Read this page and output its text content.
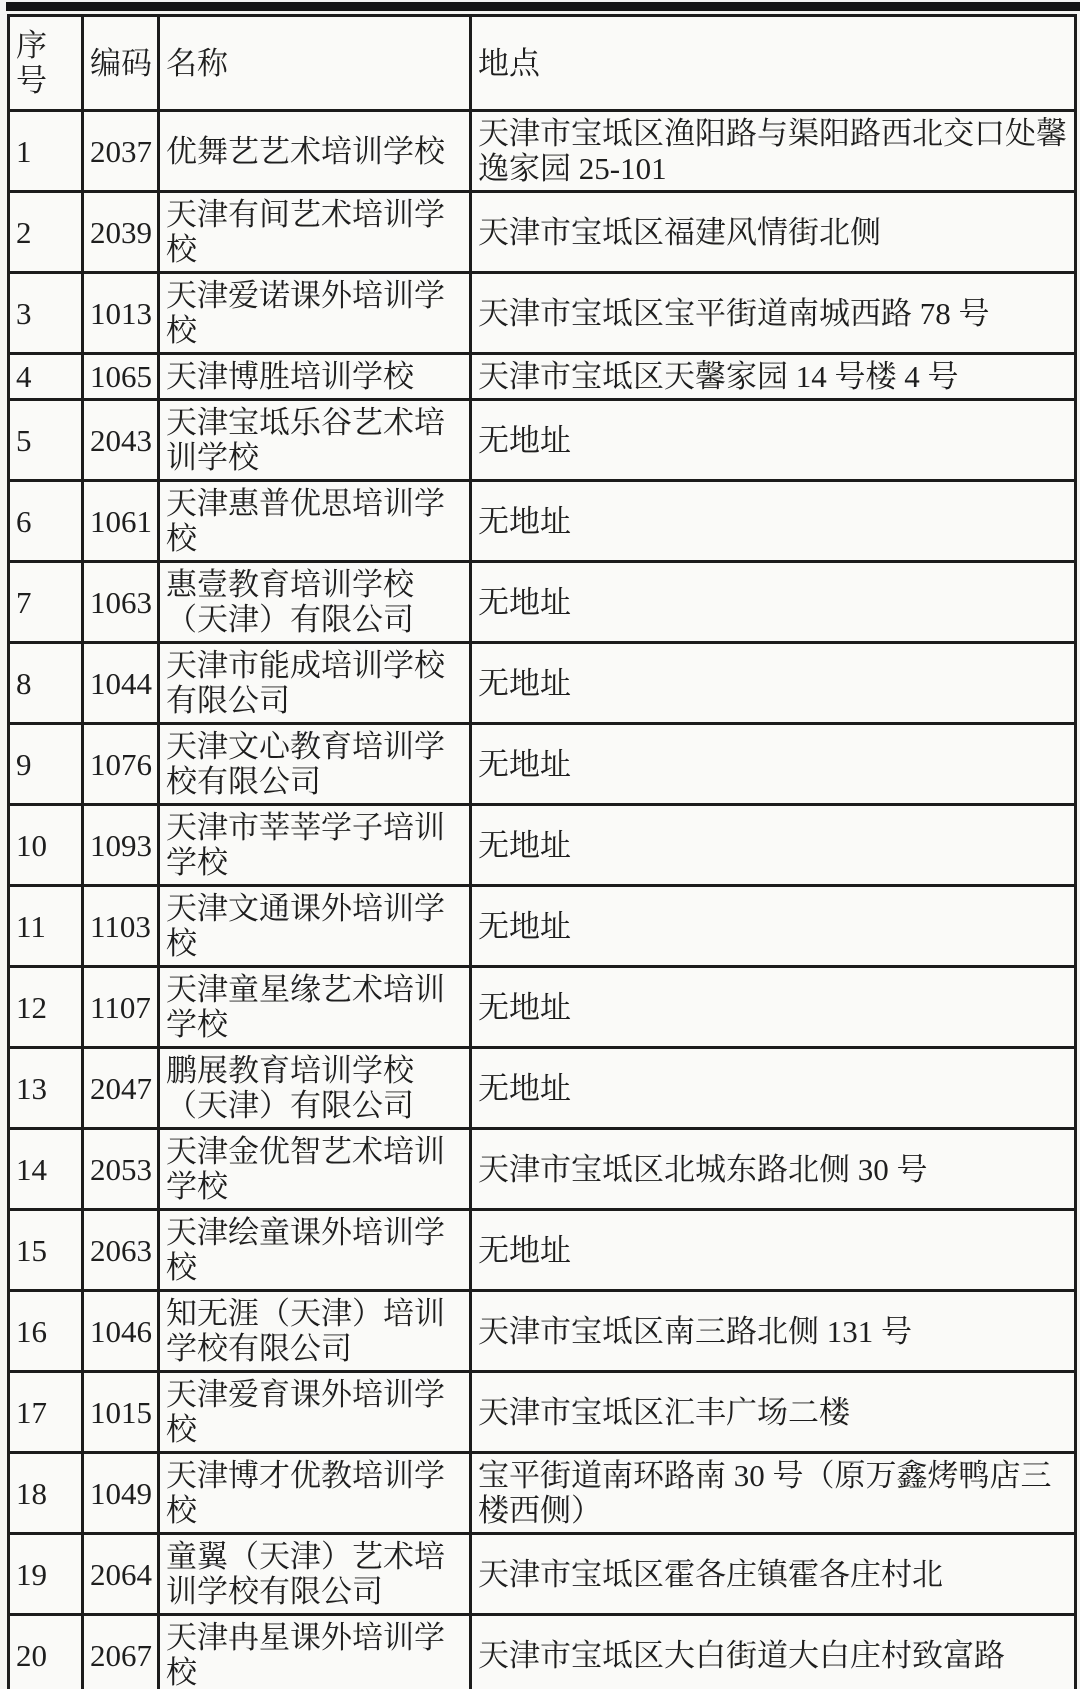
序号	编码	名称	地点
1	2037	优舞艺艺术培训学校	天津市宝坻区渔阳路与渠阳路西北交口处馨逸家园 25-101
2	2039	天津有间艺术培训学校	天津市宝坻区福建风情街北侧
3	1013	天津爱诺课外培训学校	天津市宝坻区宝平街道南城西路 78 号
4	1065	天津博胜培训学校	天津市宝坻区天馨家园 14 号楼 4 号
5	2043	天津宝坻乐谷艺术培训学校	无地址
6	1061	天津惠普优思培训学校	无地址
7	1063	惠壹教育培训学校（天津）有限公司	无地址
8	1044	天津市能成培训学校有限公司	无地址
9	1076	天津文心教育培训学校有限公司	无地址
10	1093	天津市莘莘学子培训学校	无地址
11	1103	天津文通课外培训学校	无地址
12	1107	天津童星缘艺术培训学校	无地址
13	2047	鹏展教育培训学校（天津）有限公司	无地址
14	2053	天津金优智艺术培训学校	天津市宝坻区北城东路北侧 30 号
15	2063	天津绘童课外培训学校	无地址
16	1046	知无涯（天津）培训学校有限公司	天津市宝坻区南三路北侧 131 号
17	1015	天津爱育课外培训学校	天津市宝坻区汇丰广场二楼
18	1049	天津博才优教培训学校	宝平街道南环路南 30 号（原万鑫烤鸭店三楼西侧）
19	2064	童翼（天津）艺术培训学校有限公司	天津市宝坻区霍各庄镇霍各庄村北
20	2067	天津冉星课外培训学校	天津市宝坻区大白街道大白庄村致富路
